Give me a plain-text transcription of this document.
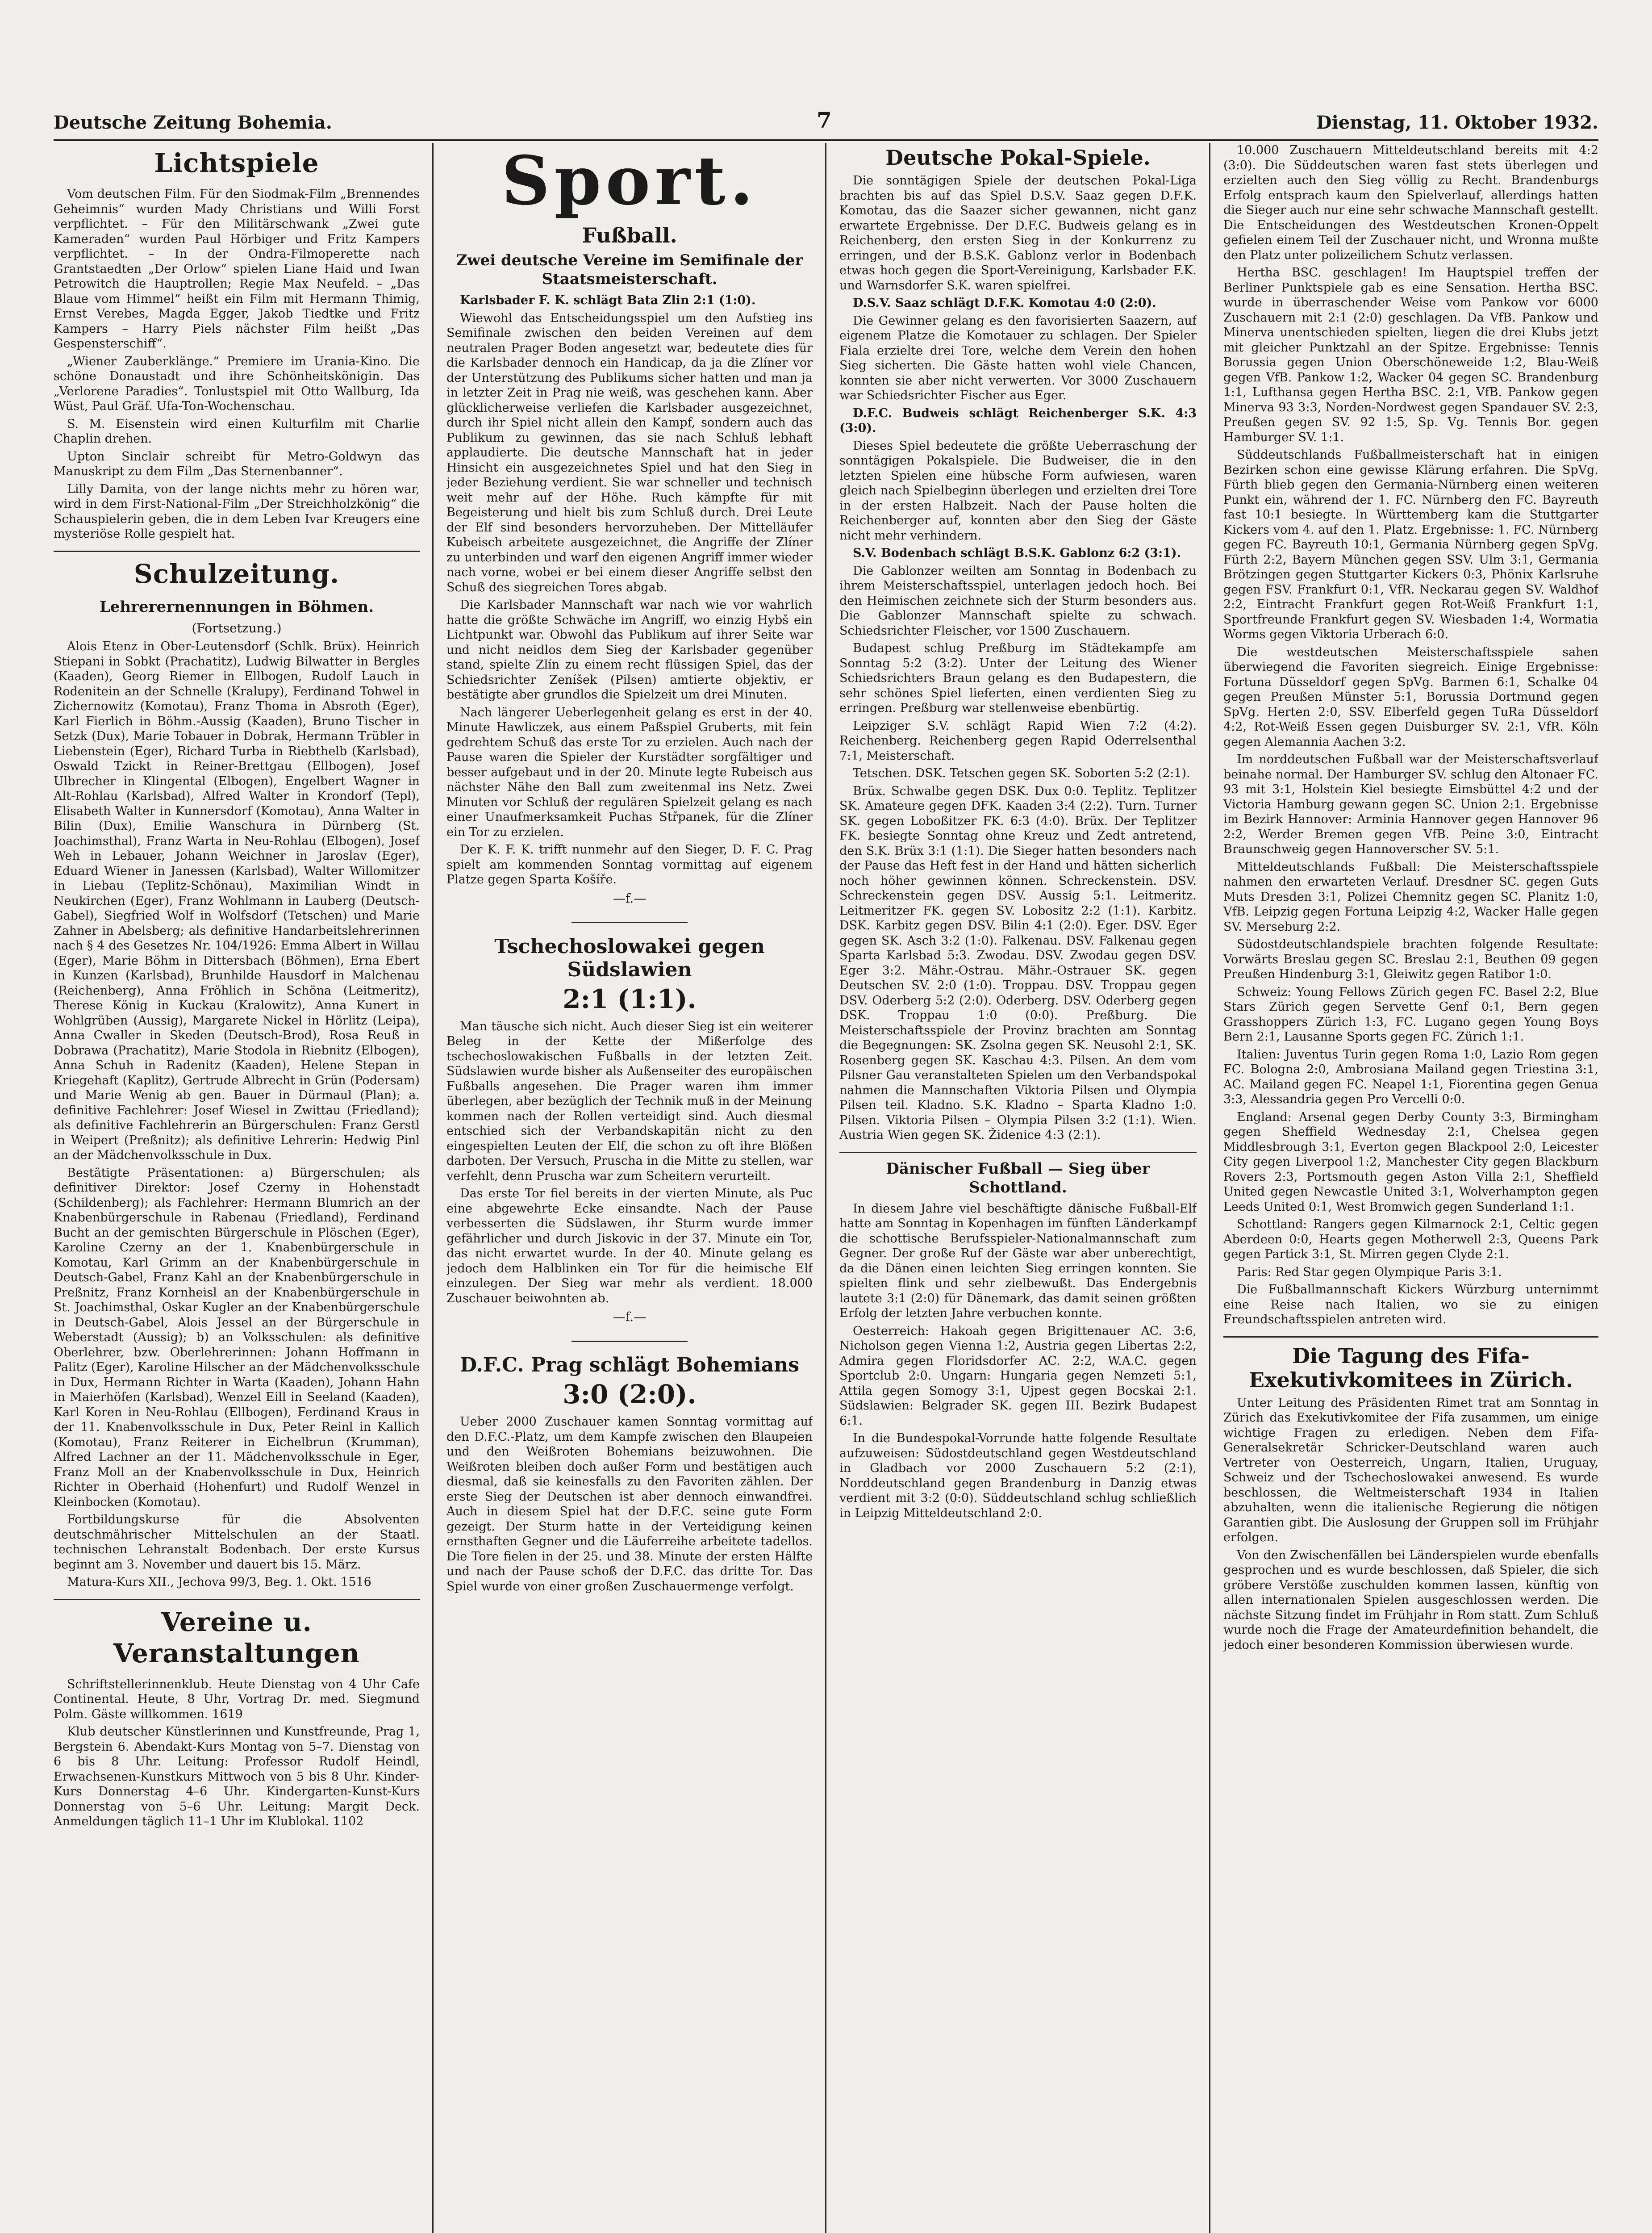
Deutsche Zeitung Bohemia.	7	Dienstag, 11. Oktober 1932.
Lichtspiele

Vom deutschen Film. Für den Siodmak-Film „Brennendes Geheimnis“ wurden Mady Christians und Willi Forst verpflichtet. – Für den Militärschwank „Zwei gute Kameraden“ wurden Paul Hörbiger und Fritz Kampers verpflichtet. – In der Ondra-Filmoperette nach Grantstaedten „Der Orlow“ spielen Liane Haid und Iwan Petrowitch die Hauptrollen; Regie Max Neufeld. – „Das Blaue vom Himmel“ heißt ein Film mit Hermann Thimig, Ernst Verebes, Magda Egger, Jakob Tiedtke und Fritz Kampers – Harry Piels nächster Film heißt „Das Gespensterschiff“.

„Wiener Zauberklänge.“ Premiere im Urania-Kino. Die schöne Donaustadt und ihre Schönheitskönigin. Das „Verlorene Paradies“. Tonlustspiel mit Otto Wallburg, Ida Wüst, Paul Gräf. Ufa-Ton-Wochenschau.

S. M. Eisenstein wird einen Kulturfilm mit Charlie Chaplin drehen.

Upton Sinclair schreibt für Metro-Goldwyn das Manuskript zu dem Film „Das Sternenbanner“.

Lilly Damita, von der lange nichts mehr zu hören war, wird in dem First-National-Film „Der Streichholzkönig“ die Schauspielerin geben, die in dem Leben Ivar Kreugers eine mysteriöse Rolle gespielt hat.

Schulzeitung.
Lehrerernennungen in Böhmen.
(Fortsetzung.)

Alois Etenz in Ober-Leutensdorf (Schlk. Brüx). Heinrich Stiepani in Sobkt (Prachatitz), Ludwig Bilwatter in Bergles (Kaaden), Georg Riemer in Ellbogen, Rudolf Lauch in Rodenitein an der Schnelle (Kralupy), Ferdinand Tohwel in Zichernowitz (Komotau), Franz Thoma in Absroth (Eger), Karl Fierlich in Böhm.-Aussig (Kaaden), Bruno Tischer in Setzk (Dux), Marie Tobauer in Dobrak, Hermann Trübler in Liebenstein (Eger), Richard Turba in Riebthelb (Karlsbad), Oswald Tzickt in Reiner-Brettgau (Ellbogen), Josef Ulbrecher in Klingental (Elbogen), Engelbert Wagner in Alt-Rohlau (Karlsbad), Alfred Walter in Krondorf (Tepl), Elisabeth Walter in Kunnersdorf (Komotau), Anna Walter in Bilin (Dux), Emilie Wanschura in Dürnberg (St. Joachimsthal), Franz Warta in Neu-Rohlau (Elbogen), Josef Weh in Lebauer, Johann Weichner in Jaroslav (Eger), Eduard Wiener in Janessen (Karlsbad), Walter Willomitzer in Liebau (Teplitz-Schönau), Maximilian Windt in Neukirchen (Eger), Franz Wohlmann in Lauberg (Deutsch-Gabel), Siegfried Wolf in Wolfsdorf (Tetschen) und Marie Zahner in Abelsberg; als definitive Handarbeitslehrerinnen nach § 4 des Gesetzes Nr. 104/1926: Emma Albert in Willau (Eger), Marie Böhm in Dittersbach (Böhmen), Erna Ebert in Kunzen (Karlsbad), Brunhilde Hausdorf in Malchenau (Reichenberg), Anna Fröhlich in Schöna (Leitmeritz), Therese König in Kuckau (Kralowitz), Anna Kunert in Wohlgrüben (Aussig), Margarete Nickel in Hörlitz (Leipa), Anna Cwaller in Skeden (Deutsch-Brod), Rosa Reuß in Dobrawa (Prachatitz), Marie Stodola in Riebnitz (Elbogen), Anna Schuh in Radenitz (Kaaden), Helene Stepan in Kriegehaft (Kaplitz), Gertrude Albrecht in Grün (Podersam) und Marie Wenig ab gen. Bauer in Dürmaul (Plan); a. definitive Fachlehrer: Josef Wiesel in Zwittau (Friedland); als definitive Fachlehrerin an Bürgerschulen: Franz Gerstl in Weipert (Preßnitz); als definitive Lehrerin: Hedwig Pinl an der Mädchenvolksschule in Dux.

Bestätigte Präsentationen: a) Bürgerschulen; als definitiver Direktor: Josef Czerny in Hohenstadt (Schildenberg); als Fachlehrer: Hermann Blumrich an der Knabenbürgerschule in Rabenau (Friedland), Ferdinand Bucht an der gemischten Bürgerschule in Plöschen (Eger), Karoline Czerny an der 1. Knabenbürgerschule in Komotau, Karl Grimm an der Knabenbürgerschule in Deutsch-Gabel, Franz Kahl an der Knabenbürgerschule in Preßnitz, Franz Kornheisl an der Knabenbürgerschule in St. Joachimsthal, Oskar Kugler an der Knabenbürgerschule in Deutsch-Gabel, Alois Jessel an der Bürgerschule in Weberstadt (Aussig); b) an Volksschulen: als definitive Oberlehrer, bzw. Oberlehrerinnen: Johann Hoffmann in Palitz (Eger), Karoline Hilscher an der Mädchenvolksschule in Dux, Hermann Richter in Warta (Kaaden), Johann Hahn in Maierhöfen (Karlsbad), Wenzel Eill in Seeland (Kaaden), Karl Koren in Neu-Rohlau (Ellbogen), Ferdinand Kraus in der 11. Knabenvolksschule in Dux, Peter Reinl in Kallich (Komotau), Franz Reiterer in Eichelbrun (Krumman), Alfred Lachner an der 11. Mädchenvolksschule in Eger, Franz Moll an der Knabenvolksschule in Dux, Heinrich Richter in Oberhaid (Hohenfurt) und Rudolf Wenzel in Kleinbocken (Komotau).

Fortbildungskurse für die Absolventen deutschmährischer Mittelschulen an der Staatl. technischen Lehranstalt Bodenbach. Der erste Kursus beginnt am 3. November und dauert bis 15. März.

Matura-Kurs XII., Jechova 99/3, Beg. 1. Okt. 1516

Vereine u. Veranstaltungen

Schriftstellerinnenklub. Heute Dienstag von 4 Uhr Cafe Continental. Heute, 8 Uhr, Vortrag Dr. med. Siegmund Polm. Gäste willkommen. 1619

Klub deutscher Künstlerinnen und Kunstfreunde, Prag 1, Bergstein 6. Abendakt-Kurs Montag von 5–7. Dienstag von 6 bis 8 Uhr. Leitung: Professor Rudolf Heindl, Erwachsenen-Kunstkurs Mittwoch von 5 bis 8 Uhr. Kinder-Kurs Donnerstag 4–6 Uhr. Kindergarten-Kunst-Kurs Donnerstag von 5–6 Uhr. Leitung: Margit Deck. Anmeldungen täglich 11–1 Uhr im Klublokal. 1102

Sport.
Fußball.
Zwei deutsche Vereine im Semifinale der Staatsmeisterschaft.

Karlsbader F. K. schlägt Bata Zlin 2:1 (1:0).

Wiewohl das Entscheidungsspiel um den Aufstieg ins Semifinale zwischen den beiden Vereinen auf dem neutralen Prager Boden angesetzt war, bedeutete dies für die Karlsbader dennoch ein Handicap, da ja die Zlíner vor der Unterstützung des Publikums sicher hatten und man ja in letzter Zeit in Prag nie weiß, was geschehen kann. Aber glücklicherweise verliefen die Karlsbader ausgezeichnet, durch ihr Spiel nicht allein den Kampf, sondern auch das Publikum zu gewinnen, das sie nach Schluß lebhaft applaudierte. Die deutsche Mannschaft hat in jeder Hinsicht ein ausgezeichnetes Spiel und hat den Sieg in jeder Beziehung verdient. Sie war schneller und technisch weit mehr auf der Höhe. Ruch kämpfte für mit Begeisterung und hielt bis zum Schluß durch. Drei Leute der Elf sind besonders hervorzuheben. Der Mittelläufer Kubeisch arbeitete ausgezeichnet, die Angriffe der Zlíner zu unterbinden und warf den eigenen Angriff immer wieder nach vorne, wobei er bei einem dieser Angriffe selbst den Schuß des siegreichen Tores abgab.

Die Karlsbader Mannschaft war nach wie vor wahrlich hatte die größte Schwäche im Angriff, wo einzig Hybš ein Lichtpunkt war. Obwohl das Publikum auf ihrer Seite war und nicht neidlos dem Sieg der Karlsbader gegenüber stand, spielte Zlín zu einem recht flüssigen Spiel, das der Schiedsrichter Zeníšek (Pilsen) amtierte objektiv, er bestätigte aber grundlos die Spielzeit um drei Minuten.

Nach längerer Ueberlegenheit gelang es erst in der 40. Minute Hawliczek, aus einem Paßspiel Gruberts, mit fein gedrehtem Schuß das erste Tor zu erzielen. Auch nach der Pause waren die Spieler der Kurstädter sorgfältiger und besser aufgebaut und in der 20. Minute legte Rubeisch aus nächster Nähe den Ball zum zweitenmal ins Netz. Zwei Minuten vor Schluß der regulären Spielzeit gelang es nach einer Unaufmerksamkeit Puchas Střpanek, für die Zlíner ein Tor zu erzielen.

Der K. F. K. trifft nunmehr auf den Sieger, D. F. C. Prag spielt am kommenden Sonntag vormittag auf eigenem Platze gegen Sparta Košíře.

—f.—
Tschechoslowakei gegen Südslawien
2:1 (1:1).

Man täusche sich nicht. Auch dieser Sieg ist ein weiterer Beleg in der Kette der Mißerfolge des tschechoslowakischen Fußballs in der letzten Zeit. Südslawien wurde bisher als Außenseiter des europäischen Fußballs angesehen. Die Prager waren ihm immer überlegen, aber bezüglich der Technik muß in der Meinung kommen nach der Rollen verteidigt sind. Auch diesmal entschied sich der Verbandskapitän nicht zu den eingespielten Leuten der Elf, die schon zu oft ihre Blößen darboten. Der Versuch, Pruscha in die Mitte zu stellen, war verfehlt, denn Pruscha war zum Scheitern verurteilt.

Das erste Tor fiel bereits in der vierten Minute, als Puc eine abgewehrte Ecke einsandte. Nach der Pause verbesserten die Südslawen, ihr Sturm wurde immer gefährlicher und durch Jiskovic in der 37. Minute ein Tor, das nicht erwartet wurde. In der 40. Minute gelang es jedoch dem Halblinken ein Tor für die heimische Elf einzulegen. Der Sieg war mehr als verdient. 18.000 Zuschauer beiwohnten ab.

—f.—
D.F.C. Prag schlägt Bohemians
3:0 (2:0).

Ueber 2000 Zuschauer kamen Sonntag vormittag auf den D.F.C.-Platz, um dem Kampfe zwischen den Blaupeien und den Weißroten Bohemians beizuwohnen. Die Weißroten bleiben doch außer Form und bestätigen auch diesmal, daß sie keinesfalls zu den Favoriten zählen. Der erste Sieg der Deutschen ist aber dennoch einwandfrei. Auch in diesem Spiel hat der D.F.C. seine gute Form gezeigt. Der Sturm hatte in der Verteidigung keinen ernsthaften Gegner und die Läuferreihe arbeitete tadellos. Die Tore fielen in der 25. und 38. Minute der ersten Hälfte und nach der Pause schoß der D.F.C. das dritte Tor. Das Spiel wurde von einer großen Zuschauermenge verfolgt.

Deutsche Pokal-Spiele.

Die sonntägigen Spiele der deutschen Pokal-Liga brachten bis auf das Spiel D.S.V. Saaz gegen D.F.K. Komotau, das die Saazer sicher gewannen, nicht ganz erwartete Ergebnisse. Der D.F.C. Budweis gelang es in Reichenberg, den ersten Sieg in der Konkurrenz zu erringen, und der B.S.K. Gablonz verlor in Bodenbach etwas hoch gegen die Sport-Vereinigung, Karlsbader F.K. und Warnsdorfer S.K. waren spielfrei.

D.S.V. Saaz schlägt D.F.K. Komotau 4:0 (2:0).

Die Gewinner gelang es den favorisierten Saazern, auf eigenem Platze die Komotauer zu schlagen. Der Spieler Fiala erzielte drei Tore, welche dem Verein den hohen Sieg sicherten. Die Gäste hatten wohl viele Chancen, konnten sie aber nicht verwerten. Vor 3000 Zuschauern war Schiedsrichter Fischer aus Eger.

D.F.C. Budweis schlägt Reichenberger S.K. 4:3 (3:0).

Dieses Spiel bedeutete die größte Ueberraschung der sonntägigen Pokalspiele. Die Budweiser, die in den letzten Spielen eine hübsche Form aufwiesen, waren gleich nach Spielbeginn überlegen und erzielten drei Tore in der ersten Halbzeit. Nach der Pause holten die Reichenberger auf, konnten aber den Sieg der Gäste nicht mehr verhindern.

S.V. Bodenbach schlägt B.S.K. Gablonz 6:2 (3:1).

Die Gablonzer weilten am Sonntag in Bodenbach zu ihrem Meisterschaftsspiel, unterlagen jedoch hoch. Bei den Heimischen zeichnete sich der Sturm besonders aus. Die Gablonzer Mannschaft spielte zu schwach. Schiedsrichter Fleischer, vor 1500 Zuschauern.

Budapest schlug Preßburg im Städtekampfe am Sonntag 5:2 (3:2). Unter der Leitung des Wiener Schiedsrichters Braun gelang es den Budapestern, die sehr schönes Spiel lieferten, einen verdienten Sieg zu erringen. Preßburg war stellenweise ebenbürtig.

Leipziger S.V. schlägt Rapid Wien 7:2 (4:2). Reichenberg. Reichenberg gegen Rapid Oderrelsenthal 7:1, Meisterschaft.

Tetschen. DSK. Tetschen gegen SK. Soborten 5:2 (2:1).

Brüx. Schwalbe gegen DSK. Dux 0:0. Teplitz. Teplitzer SK. Amateure gegen DFK. Kaaden 3:4 (2:2). Turn. Turner SK. gegen Loboßitzer FK. 6:3 (4:0). Brüx. Der Teplitzer FK. besiegte Sonntag ohne Kreuz und Zedt antretend, den S.K. Brüx 3:1 (1:1). Die Sieger hatten besonders nach der Pause das Heft fest in der Hand und hätten sicherlich noch höher gewinnen können. Schreckenstein. DSV. Schreckenstein gegen DSV. Aussig 5:1. Leitmeritz. Leitmeritzer FK. gegen SV. Lobositz 2:2 (1:1). Karbitz. DSK. Karbitz gegen DSV. Bilin 4:1 (2:0). Eger. DSV. Eger gegen SK. Asch 3:2 (1:0). Falkenau. DSV. Falkenau gegen Sparta Karlsbad 5:3. Zwodau. DSV. Zwodau gegen DSV. Eger 3:2. Mähr.-Ostrau. Mähr.-Ostrauer SK. gegen Deutschen SV. 2:0 (1:0). Troppau. DSV. Troppau gegen DSV. Oderberg 5:2 (2:0). Oderberg. DSV. Oderberg gegen DSK. Troppau 1:0 (0:0). Preßburg. Die Meisterschaftsspiele der Provinz brachten am Sonntag die Begegnungen: SK. Zsolna gegen SK. Neusohl 2:1, SK. Rosenberg gegen SK. Kaschau 4:3. Pilsen. An dem vom Pilsner Gau veranstalteten Spielen um den Verbandspokal nahmen die Mannschaften Viktoria Pilsen und Olympia Pilsen teil. Kladno. S.K. Kladno – Sparta Kladno 1:0. Pilsen. Viktoria Pilsen – Olympia Pilsen 3:2 (1:1). Wien. Austria Wien gegen SK. Židenice 4:3 (2:1).

Dänischer Fußball — Sieg über Schottland.

In diesem Jahre viel beschäftigte dänische Fußball-Elf hatte am Sonntag in Kopenhagen im fünften Länderkampf die schottische Berufsspieler-Nationalmannschaft zum Gegner. Der große Ruf der Gäste war aber unberechtigt, da die Dänen einen leichten Sieg erringen konnten. Sie spielten flink und sehr zielbewußt. Das Endergebnis lautete 3:1 (2:0) für Dänemark, das damit seinen größten Erfolg der letzten Jahre verbuchen konnte.

Oesterreich: Hakoah gegen Brigittenauer AC. 3:6, Nicholson gegen Vienna 1:2, Austria gegen Libertas 2:2, Admira gegen Floridsdorfer AC. 2:2, W.A.C. gegen Sportclub 2:0. Ungarn: Hungaria gegen Nemzeti 5:1, Attila gegen Somogy 3:1, Ujpest gegen Bocskai 2:1. Südslawien: Belgrader SK. gegen III. Bezirk Budapest 6:1.

In die Bundespokal-Vorrunde hatte folgende Resultate aufzuweisen: Südostdeutschland gegen Westdeutschland in Gladbach vor 2000 Zuschauern 5:2 (2:1), Norddeutschland gegen Brandenburg in Danzig etwas verdient mit 3:2 (0:0). Süddeutschland schlug schließlich in Leipzig Mitteldeutschland 2:0.

10.000 Zuschauern Mitteldeutschland bereits mit 4:2 (3:0). Die Süddeutschen waren fast stets überlegen und erzielten auch den Sieg völlig zu Recht. Brandenburgs Erfolg entsprach kaum den Spielverlauf, allerdings hatten die Sieger auch nur eine sehr schwache Mannschaft gestellt. Die Entscheidungen des Westdeutschen Kronen-Oppelt gefielen einem Teil der Zuschauer nicht, und Wronna mußte den Platz unter polizeilichem Schutz verlassen.

Hertha BSC. geschlagen! Im Hauptspiel treffen der Berliner Punktspiele gab es eine Sensation. Hertha BSC. wurde in überraschender Weise vom Pankow vor 6000 Zuschauern mit 2:1 (2:0) geschlagen. Da VfB. Pankow und Minerva unentschieden spielten, liegen die drei Klubs jetzt mit gleicher Punktzahl an der Spitze. Ergebnisse: Tennis Borussia gegen Union Oberschöneweide 1:2, Blau-Weiß gegen VfB. Pankow 1:2, Wacker 04 gegen SC. Brandenburg 1:1, Lufthansa gegen Hertha BSC. 2:1, VfB. Pankow gegen Minerva 93 3:3, Norden-Nordwest gegen Spandauer SV. 2:3, Preußen gegen SV. 92 1:5, Sp. Vg. Tennis Bor. gegen Hamburger SV. 1:1.

Süddeutschlands Fußballmeisterschaft hat in einigen Bezirken schon eine gewisse Klärung erfahren. Die SpVg. Fürth blieb gegen den Germania-Nürnberg einen weiteren Punkt ein, während der 1. FC. Nürnberg den FC. Bayreuth fast 10:1 besiegte. In Württemberg kam die Stuttgarter Kickers vom 4. auf den 1. Platz. Ergebnisse: 1. FC. Nürnberg gegen FC. Bayreuth 10:1, Germania Nürnberg gegen SpVg. Fürth 2:2, Bayern München gegen SSV. Ulm 3:1, Germania Brötzingen gegen Stuttgarter Kickers 0:3, Phönix Karlsruhe gegen FSV. Frankfurt 0:1, VfR. Neckarau gegen SV. Waldhof 2:2, Eintracht Frankfurt gegen Rot-Weiß Frankfurt 1:1, Sportfreunde Frankfurt gegen SV. Wiesbaden 1:4, Wormatia Worms gegen Viktoria Urberach 6:0.

Die westdeutschen Meisterschaftsspiele sahen überwiegend die Favoriten siegreich. Einige Ergebnisse: Fortuna Düsseldorf gegen SpVg. Barmen 6:1, Schalke 04 gegen Preußen Münster 5:1, Borussia Dortmund gegen SpVg. Herten 2:0, SSV. Elberfeld gegen TuRa Düsseldorf 4:2, Rot-Weiß Essen gegen Duisburger SV. 2:1, VfR. Köln gegen Alemannia Aachen 3:2.

Im norddeutschen Fußball war der Meisterschaftsverlauf beinahe normal. Der Hamburger SV. schlug den Altonaer FC. 93 mit 3:1, Holstein Kiel besiegte Eimsbüttel 4:2 und der Victoria Hamburg gewann gegen SC. Union 2:1. Ergebnisse im Bezirk Hannover: Arminia Hannover gegen Hannover 96 2:2, Werder Bremen gegen VfB. Peine 3:0, Eintracht Braunschweig gegen Hannoverscher SV. 5:1.

Mitteldeutschlands Fußball: Die Meisterschaftsspiele nahmen den erwarteten Verlauf. Dresdner SC. gegen Guts Muts Dresden 3:1, Polizei Chemnitz gegen SC. Planitz 1:0, VfB. Leipzig gegen Fortuna Leipzig 4:2, Wacker Halle gegen SV. Merseburg 2:2.

Südostdeutschlandspiele brachten folgende Resultate: Vorwärts Breslau gegen SC. Breslau 2:1, Beuthen 09 gegen Preußen Hindenburg 3:1, Gleiwitz gegen Ratibor 1:0.

Schweiz: Young Fellows Zürich gegen FC. Basel 2:2, Blue Stars Zürich gegen Servette Genf 0:1, Bern gegen Grasshoppers Zürich 1:3, FC. Lugano gegen Young Boys Bern 2:1, Lausanne Sports gegen FC. Zürich 1:1.

Italien: Juventus Turin gegen Roma 1:0, Lazio Rom gegen FC. Bologna 2:0, Ambrosiana Mailand gegen Triestina 3:1, AC. Mailand gegen FC. Neapel 1:1, Fiorentina gegen Genua 3:3, Alessandria gegen Pro Vercelli 0:0.

England: Arsenal gegen Derby County 3:3, Birmingham gegen Sheffield Wednesday 2:1, Chelsea gegen Middlesbrough 3:1, Everton gegen Blackpool 2:0, Leicester City gegen Liverpool 1:2, Manchester City gegen Blackburn Rovers 2:3, Portsmouth gegen Aston Villa 2:1, Sheffield United gegen Newcastle United 3:1, Wolverhampton gegen Leeds United 0:1, West Bromwich gegen Sunderland 1:1.

Schottland: Rangers gegen Kilmarnock 2:1, Celtic gegen Aberdeen 0:0, Hearts gegen Motherwell 2:3, Queens Park gegen Partick 3:1, St. Mirren gegen Clyde 2:1.

Paris: Red Star gegen Olympique Paris 3:1.

Die Fußballmannschaft Kickers Würzburg unternimmt eine Reise nach Italien, wo sie zu einigen Freundschaftsspielen antreten wird.

Die Tagung des Fifa-Exekutivkomitees in Zürich.

Unter Leitung des Präsidenten Rimet trat am Sonntag in Zürich das Exekutivkomitee der Fifa zusammen, um einige wichtige Fragen zu erledigen. Neben dem Fifa-Generalsekretär Schricker-Deutschland waren auch Vertreter von Oesterreich, Ungarn, Italien, Uruguay, Schweiz und der Tschechoslowakei anwesend. Es wurde beschlossen, die Weltmeisterschaft 1934 in Italien abzuhalten, wenn die italienische Regierung die nötigen Garantien gibt. Die Auslosung der Gruppen soll im Frühjahr erfolgen.

Von den Zwischenfällen bei Länderspielen wurde ebenfalls gesprochen und es wurde beschlossen, daß Spieler, die sich gröbere Verstöße zuschulden kommen lassen, künftig von allen internationalen Spielen ausgeschlossen werden. Die nächste Sitzung findet im Frühjahr in Rom statt. Zum Schluß wurde noch die Frage der Amateurdefinition behandelt, die jedoch einer besonderen Kommission überwiesen wurde.
